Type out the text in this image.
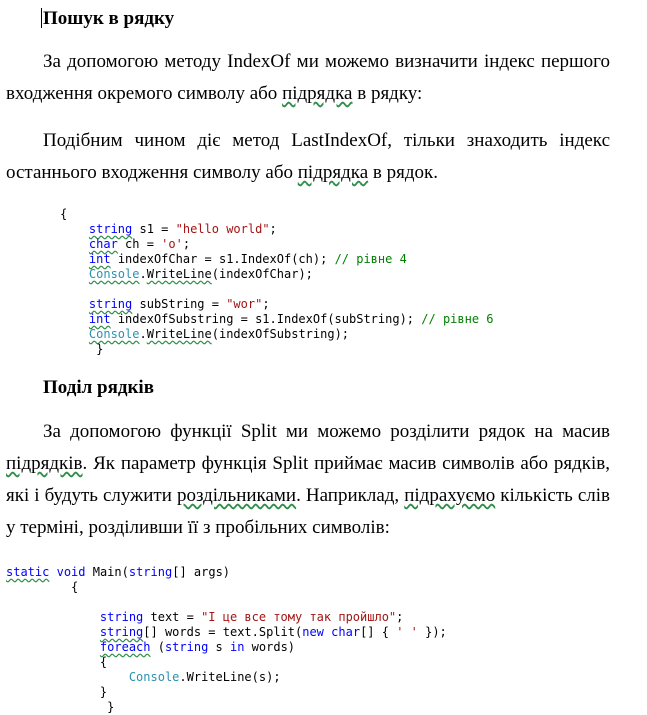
Пошук в рядку
За допомогою методу IndexOf ми можемо визначити індекс першого
входження окремого символу або підрядка в рядку:
Подібним чином діє метод LastIndexOf, тільки знаходить індекс
останнього входження символу або підрядка в рядок.
{
string s1 = "hello world";
char ch = 'o';
int indexOfChar = s1.IndexOf(ch); // рівне 4
Console.WriteLine(indexOfChar);

string subString = "wor";
int indexOfSubstring = s1.IndexOf(subString); // рівне 6
Console.WriteLine(indexOfSubstring);
}
Поділ рядків
За допомогою функції Split ми можемо розділити рядок на масив
підрядків. Як параметр функція Split приймає масив символів або рядків,
які і будуть служити роздільниками. Наприклад, підрахуємо кількість слів
у терміні, розділивши її з пробільних символів:
static void Main(string[] args)
{

string text = "І це все тому так пройшло";
string[] words = text.Split(new char[] { ' ' });
foreach (string s in words)
{
Console.WriteLine(s);
}
}
